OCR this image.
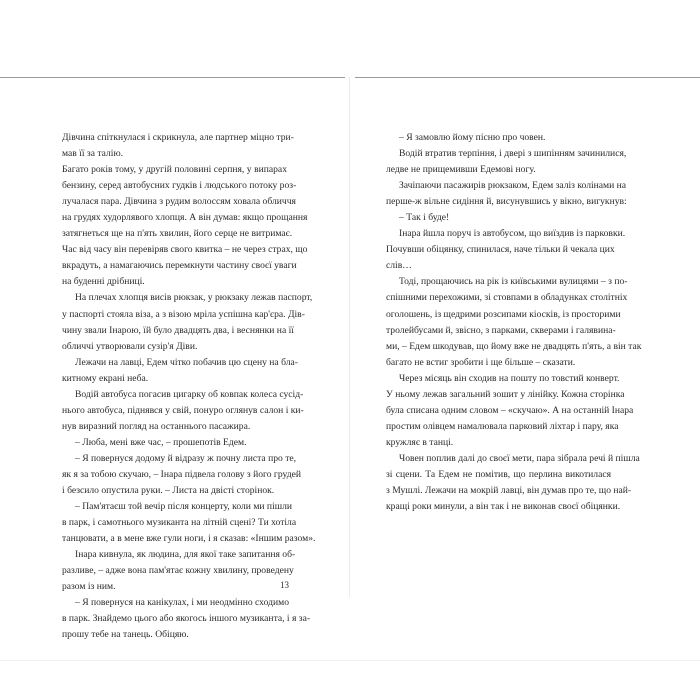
Дівчина спіткнулася і скрикнула, але партнер міцно три-
мав її за талію.

Багато років тому, у другій половині серпня, у випарах
бензину, серед автобусних гудків і людського потоку роз-
лучалася пара. Дівчина з рудим волоссям ховала обличчя
на грудях худорлявого хлопця. А він думав: якщо прощання
затягнеться ще на п'ять хвилин, його серце не витримає.
Час від часу він перевіряв свого квитка – не через страх, що
вкрадуть, а намагаючись перемкнути частину своєї уваги
на буденні дрібниці.

На плечах хлопця висів рюкзак, у рюкзаку лежав паспорт,
у паспорті стояла віза, а з візою мріла успішна кар'єра. Дів-
чину звали Інарою, їй було двадцять два, і веснянки на її
обличчі утворювали сузір'я Діви.

Лежачи на лавці, Едем чітко побачив цю сцену на бла-
китному екрані неба.

Водій автобуса погасив цигарку об ковпак колеса сусід-
нього автобуса, піднявся у свій, понуро оглянув салон і ки-
нув виразний погляд на останнього пасажира.

– Люба, мені вже час, – прошепотів Едем.

– Я повернуся додому й відразу ж почну листа про те,
як я за тобою скучаю, – Інара підвела голову з його грудей
і безсило опустила руки. – Листа на двісті сторінок.

– Пам'ятаєш той вечір після концерту, коли ми пішли
в парк, і самотнього музиканта на літній сцені? Ти хотіла
танцювати, а в мене вже гули ноги, і я сказав: «Іншим разом».

Інара кивнула, як людина, для якої таке запитання об-
разливе, – адже вона пам'ятає кожну хвилину, проведену
разом із ним.

– Я повернуся на канікулах, і ми неодмінно сходимо
в парк. Знайдемо цього або якогось іншого музиканта, і я за-
прошу тебе на танець. Обіцяю.

13

– Я замовлю йому пісню про човен.

Водій втратив терпіння, і двері з шипінням зачинилися,
ледве не прищемивши Едемові ногу.

Зачіпаючи пасажирів рюкзаком, Едем заліз колінами на
перше-ж вільне сидіння й, висунувшись у вікно, вигукнув:

– Так і буде!

Інара йшла поруч із автобусом, що виїздив із парковки.
Почувши обіцянку, спинилася, наче тільки й чекала цих
слів…

Тоді, прощаючись на рік із київськими вулицями – з по-
спішними перехожими, зі стовпами в обладунках столітніх
оголошень, із щедрими розсипами кіосків, із просторими
тролейбусами й, звісно, з парками, скверами і галявина-
ми, – Едем шкодував, що йому вже не двадцять п'ять, а він так
багато не встиг зробити і ще більше – сказати.

Через місяць він сходив на пошту по товстий конверт.
У ньому лежав загальний зошит у лінійку. Кожна сторінка
була списана одним словом – «скучаю». А на останній Інара
простим олівцем намалювала парковий ліхтар і пару, яка
кружляє в танці.

Човен поплив далі до своєї мети, пара зібрала речі й пішла
зі сцени. Та Едем не помітив, що перлина викотилася
з Мушлі. Лежачи на мокрій лавці, він думав про те, що най-
кращі роки минули, а він так і не виконав своєї обіцянки.
